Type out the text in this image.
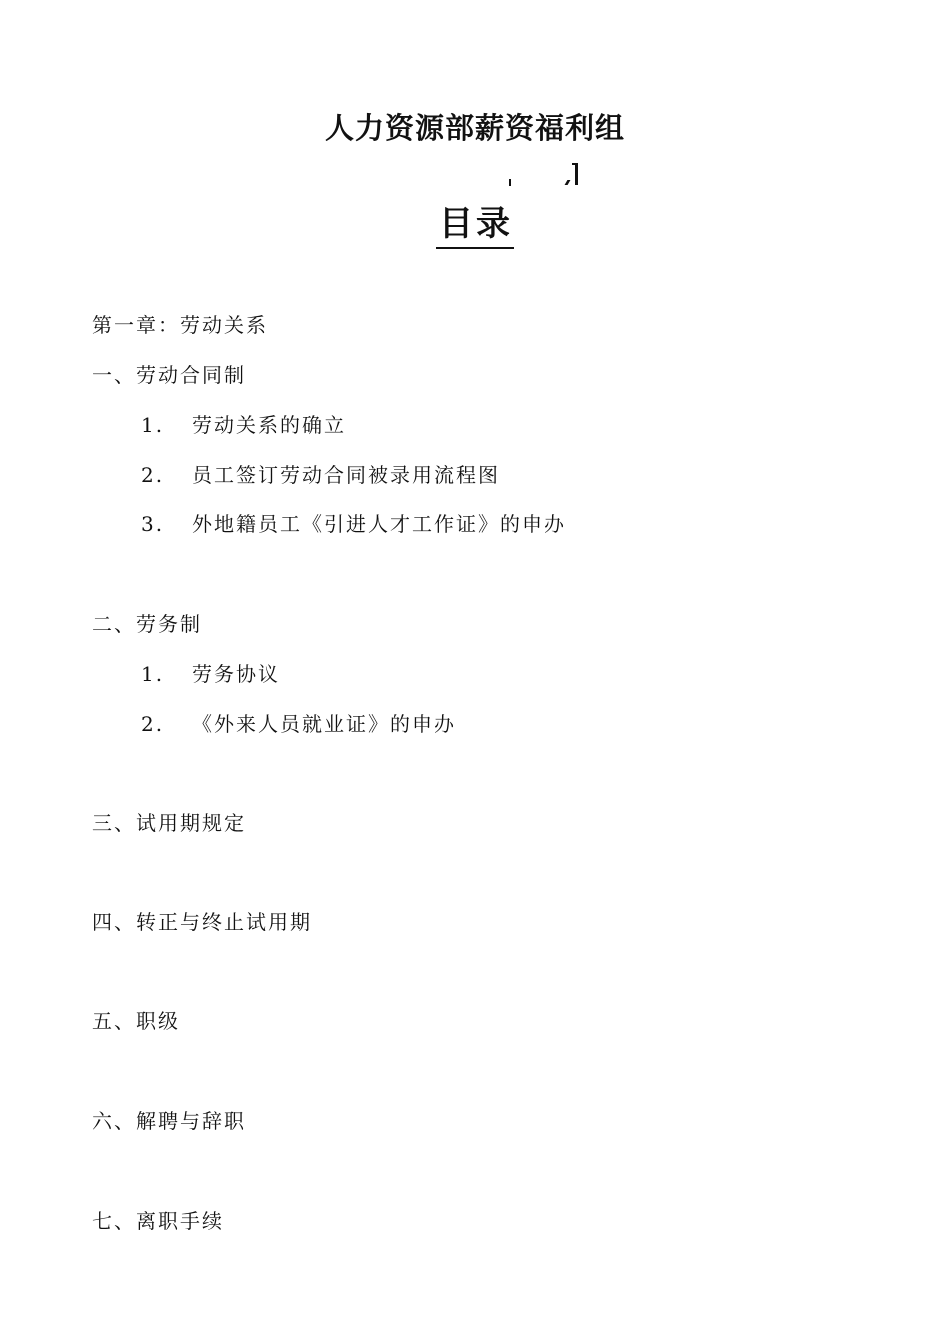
人力资源部薪资福利组
目录
第一章：劳动关系
一、劳动合同制
1. 劳动关系的确立
2. 员工签订劳动合同被录用流程图
3. 外地籍员工《引进人才工作证》的申办
二、劳务制
1. 劳务协议
2. 《外来人员就业证》的申办
三、试用期规定
四、转正与终止试用期
五、职级
六、解聘与辞职
七、离职手续
